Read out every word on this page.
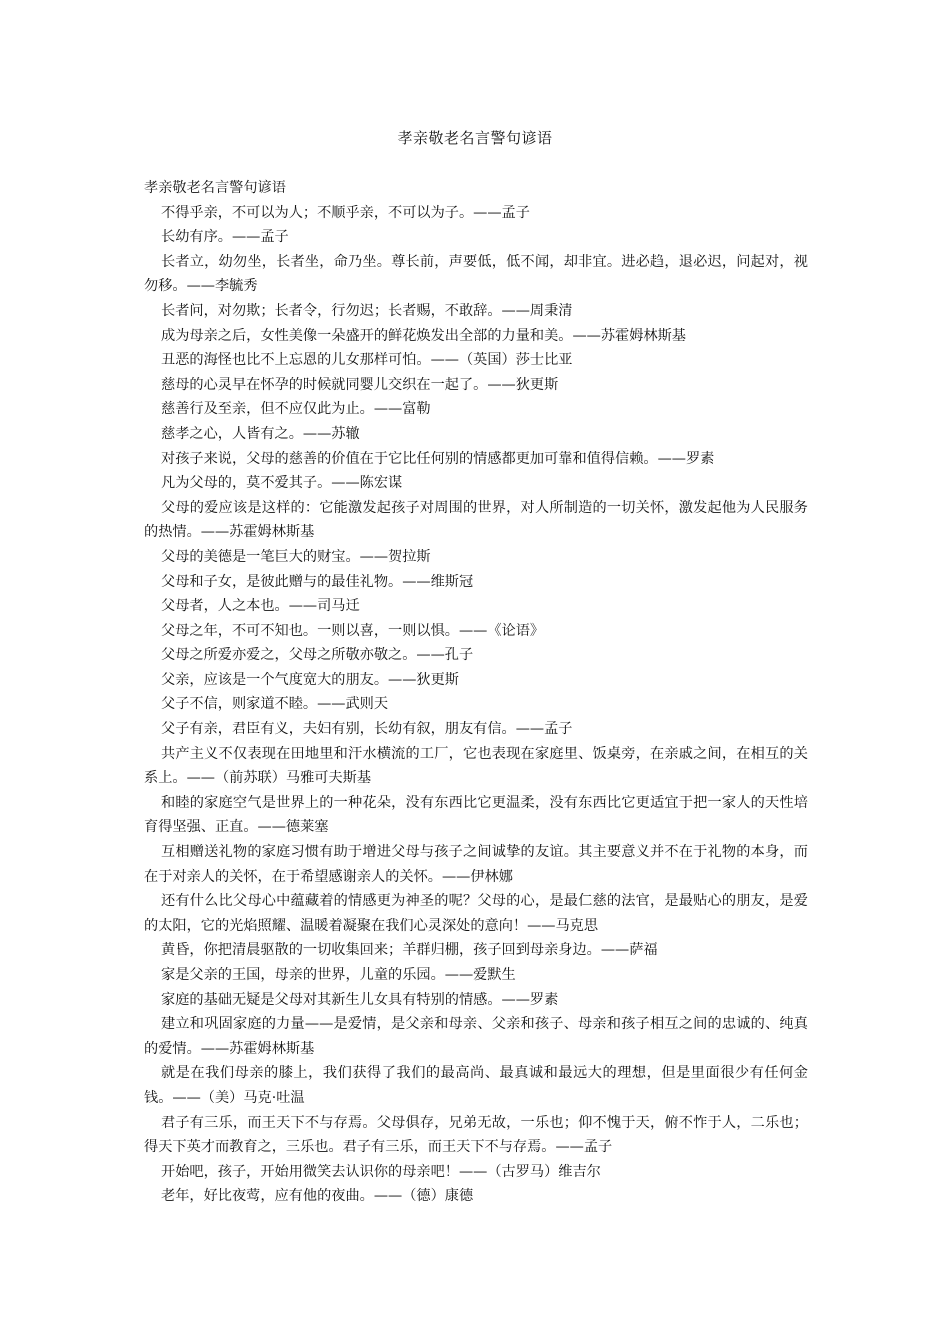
孝亲敬老名言警句谚语

孝亲敬老名言警句谚语

不得乎亲，不可以为人；不顺乎亲，不可以为子。——孟子

长幼有序。——孟子

长者立，幼勿坐，长者坐，命乃坐。尊长前，声要低，低不闻，却非宜。进必趋，退必迟，问起对，视勿移。——李毓秀

长者问，对勿欺；长者令，行勿迟；长者赐，不敢辞。——周秉清

成为母亲之后，女性美像一朵盛开的鲜花焕发出全部的力量和美。——苏霍姆林斯基

丑恶的海怪也比不上忘恩的儿女那样可怕。——（英国）莎士比亚

慈母的心灵早在怀孕的时候就同婴儿交织在一起了。——狄更斯

慈善行及至亲，但不应仅此为止。——富勒

慈孝之心，人皆有之。——苏辙

对孩子来说，父母的慈善的价值在于它比任何别的情感都更加可靠和值得信赖。——罗素

凡为父母的，莫不爱其子。——陈宏谋

父母的爱应该是这样的：它能激发起孩子对周围的世界，对人所制造的一切关怀，激发起他为人民服务的热情。——苏霍姆林斯基

父母的美德是一笔巨大的财宝。——贺拉斯

父母和子女，是彼此赠与的最佳礼物。——维斯冠

父母者，人之本也。——司马迁

父母之年，不可不知也。一则以喜，一则以惧。——《论语》

父母之所爱亦爱之，父母之所敬亦敬之。——孔子

父亲，应该是一个气度宽大的朋友。——狄更斯

父子不信，则家道不睦。——武则天

父子有亲，君臣有义，夫妇有别，长幼有叙，朋友有信。——孟子

共产主义不仅表现在田地里和汗水横流的工厂，它也表现在家庭里、饭桌旁，在亲戚之间，在相互的关系上。——（前苏联）马雅可夫斯基

和睦的家庭空气是世界上的一种花朵，没有东西比它更温柔，没有东西比它更适宜于把一家人的天性培育得坚强、正直。——德莱塞

互相赠送礼物的家庭习惯有助于增进父母与孩子之间诚挚的友谊。其主要意义并不在于礼物的本身，而在于对亲人的关怀，在于希望感谢亲人的关怀。——伊林娜

还有什么比父母心中蕴藏着的情感更为神圣的呢？父母的心，是最仁慈的法官，是最贴心的朋友，是爱的太阳，它的光焰照耀、温暖着凝聚在我们心灵深处的意向！——马克思

黄昏，你把清晨驱散的一切收集回来；羊群归棚，孩子回到母亲身边。——萨福

家是父亲的王国，母亲的世界，儿童的乐园。——爱默生

家庭的基础无疑是父母对其新生儿女具有特别的情感。——罗素

建立和巩固家庭的力量——是爱情，是父亲和母亲、父亲和孩子、母亲和孩子相互之间的忠诚的、纯真的爱情。——苏霍姆林斯基

就是在我们母亲的膝上，我们获得了我们的最高尚、最真诚和最远大的理想，但是里面很少有任何金钱。——（美）马克·吐温

君子有三乐，而王天下不与存焉。父母俱存，兄弟无故，一乐也；仰不愧于天，俯不怍于人，二乐也；得天下英才而教育之，三乐也。君子有三乐，而王天下不与存焉。——孟子

开始吧，孩子，开始用微笑去认识你的母亲吧！——（古罗马）维吉尔

老年，好比夜莺，应有他的夜曲。——（德）康德
